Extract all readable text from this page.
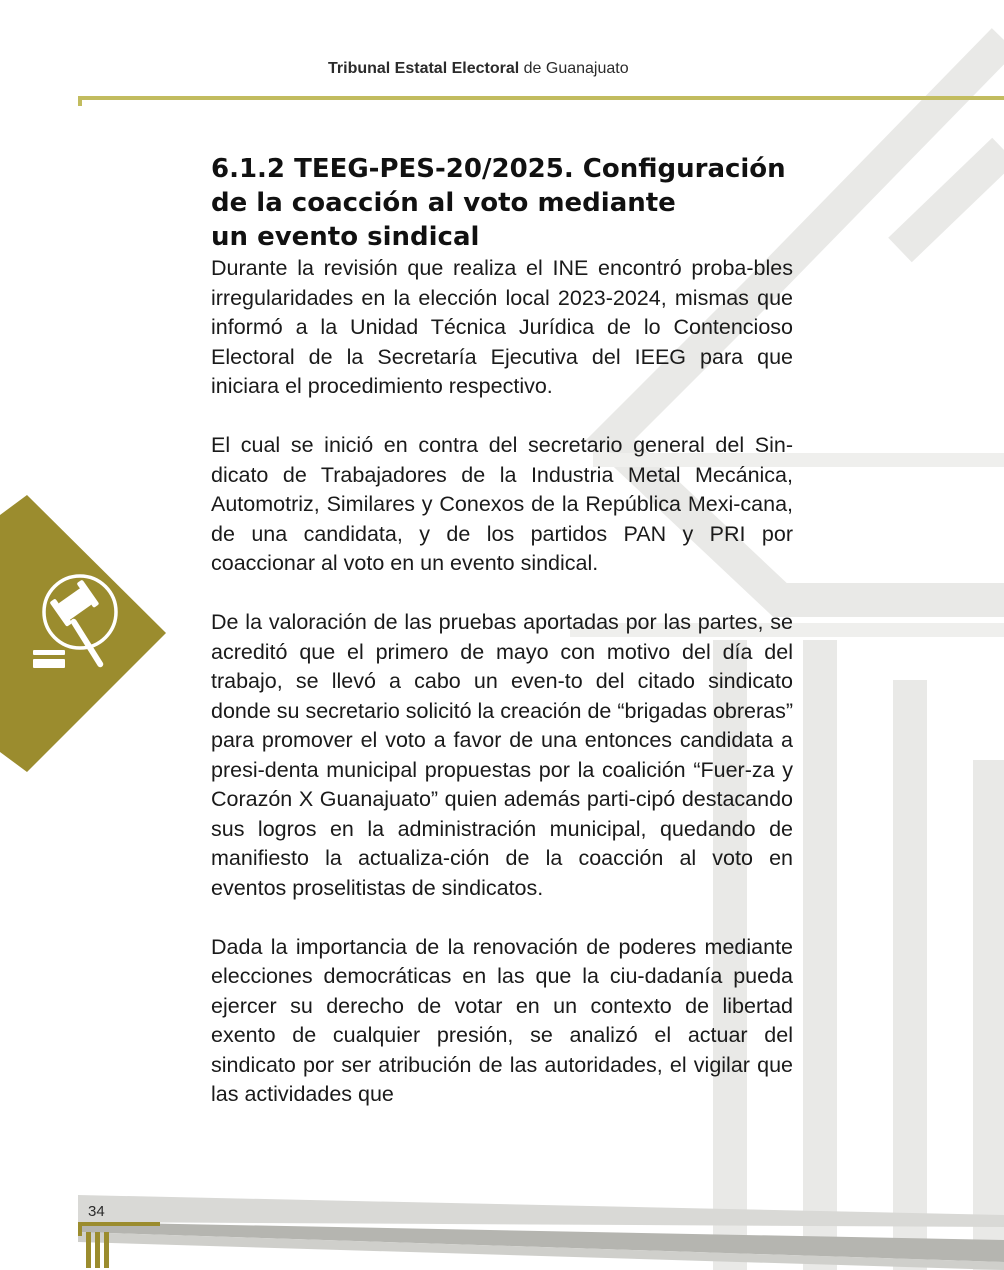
Tribunal Estatal Electoral de Guanajuato
6.1.2 TEEG-PES-20/2025. Configuración
de la coacción al voto mediante
un evento sindical

Durante la revisión que realiza el INE encontró proba-bles irregularidades en la elección local 2023-2024, mismas que informó a la Unidad Técnica Jurídica de lo Contencioso Electoral de la Secretaría Ejecutiva del IEEG para que iniciara el procedimiento respectivo.

El cual se inició en contra del secretario general del Sin-dicato de Trabajadores de la Industria Metal Mecánica, Automotriz, Similares y Conexos de la República Mexi-cana, de una candidata, y de los partidos PAN y PRI por coaccionar al voto en un evento sindical.

De la valoración de las pruebas aportadas por las partes, se acreditó que el primero de mayo con motivo del día del trabajo, se llevó a cabo un even-to del citado sindicato donde su secretario solicitó la creación de “brigadas obreras” para promover el voto a favor de una entonces candidata a presi-denta municipal propuestas por la coalición “Fuer-za y Corazón X Guanajuato” quien además parti-cipó destacando sus logros en la administración municipal, quedando de manifiesto la actualiza-ción de la coacción al voto en eventos proselitistas de sindicatos.

Dada la importancia de la renovación de poderes mediante elecciones democráticas en las que la ciu-dadanía pueda ejercer su derecho de votar en un contexto de libertad exento de cualquier presión, se analizó el actuar del sindicato por ser atribución de las autoridades, el vigilar que las actividades que

34
